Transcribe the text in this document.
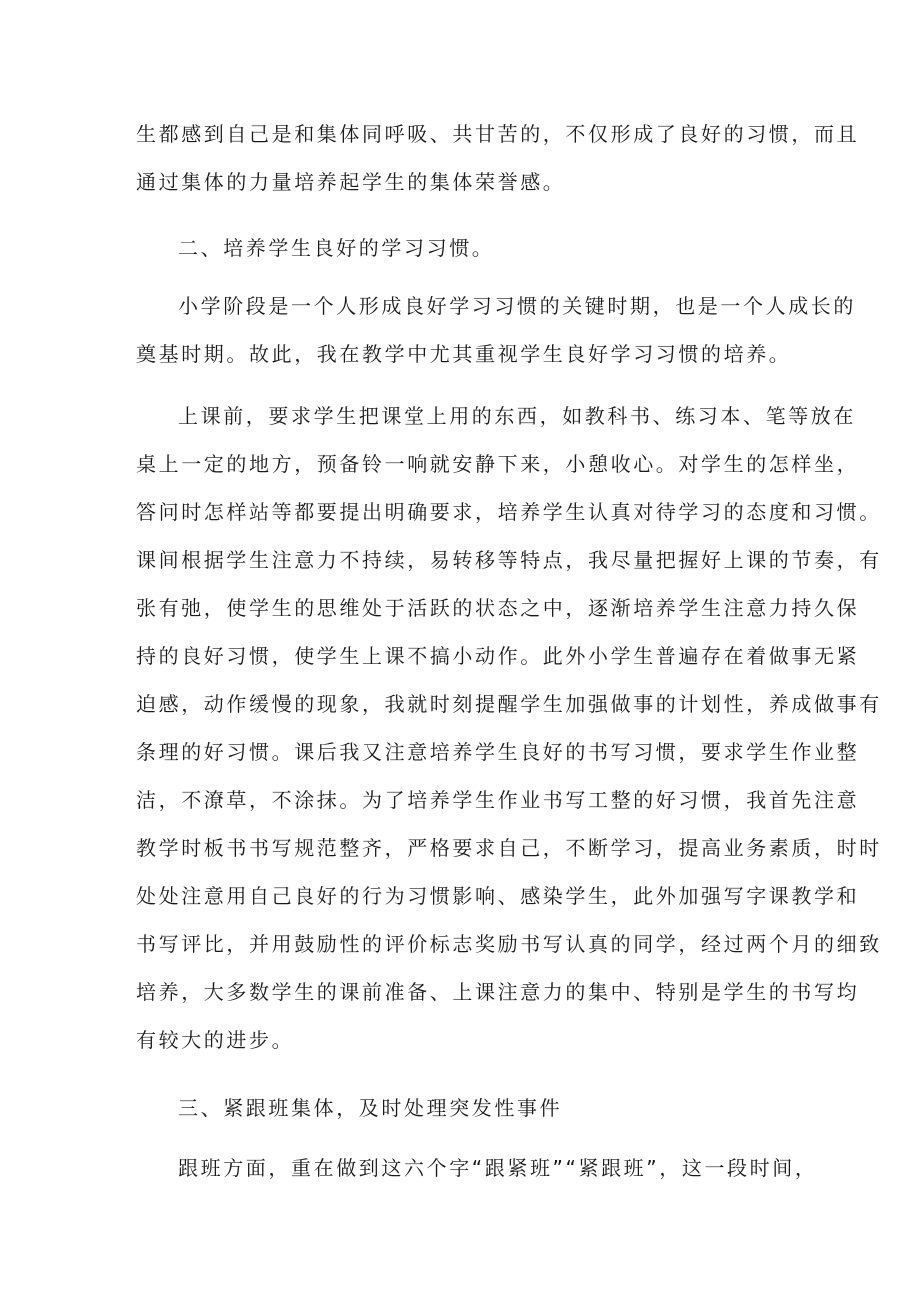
生都感到自己是和集体同呼吸、共甘苦的，不仅形成了良好的习惯，而且
通过集体的力量培养起学生的集体荣誉感。
二、培养学生良好的学习习惯。
小学阶段是一个人形成良好学习习惯的关键时期，也是一个人成长的
奠基时期。故此，我在教学中尤其重视学生良好学习习惯的培养。
上课前，要求学生把课堂上用的东西，如教科书、练习本、笔等放在
桌上一定的地方，预备铃一响就安静下来，小憩收心。对学生的怎样坐，
答问时怎样站等都要提出明确要求，培养学生认真对待学习的态度和习惯。
课间根据学生注意力不持续，易转移等特点，我尽量把握好上课的节奏，有
张有弛，使学生的思维处于活跃的状态之中，逐渐培养学生注意力持久保
持的良好习惯，使学生上课不搞小动作。此外小学生普遍存在着做事无紧
迫感，动作缓慢的现象，我就时刻提醒学生加强做事的计划性，养成做事有
条理的好习惯。课后我又注意培养学生良好的书写习惯，要求学生作业整
洁，不潦草，不涂抹。为了培养学生作业书写工整的好习惯，我首先注意
教学时板书书写规范整齐，严格要求自己，不断学习，提高业务素质，时时
处处注意用自己良好的行为习惯影响、感染学生，此外加强写字课教学和
书写评比，并用鼓励性的评价标志奖励书写认真的同学，经过两个月的细致
培养，大多数学生的课前准备、上课注意力的集中、特别是学生的书写均
有较大的进步。
三、紧跟班集体，及时处理突发性事件
跟班方面，重在做到这六个字“跟紧班”“紧跟班”，这一段时间，
